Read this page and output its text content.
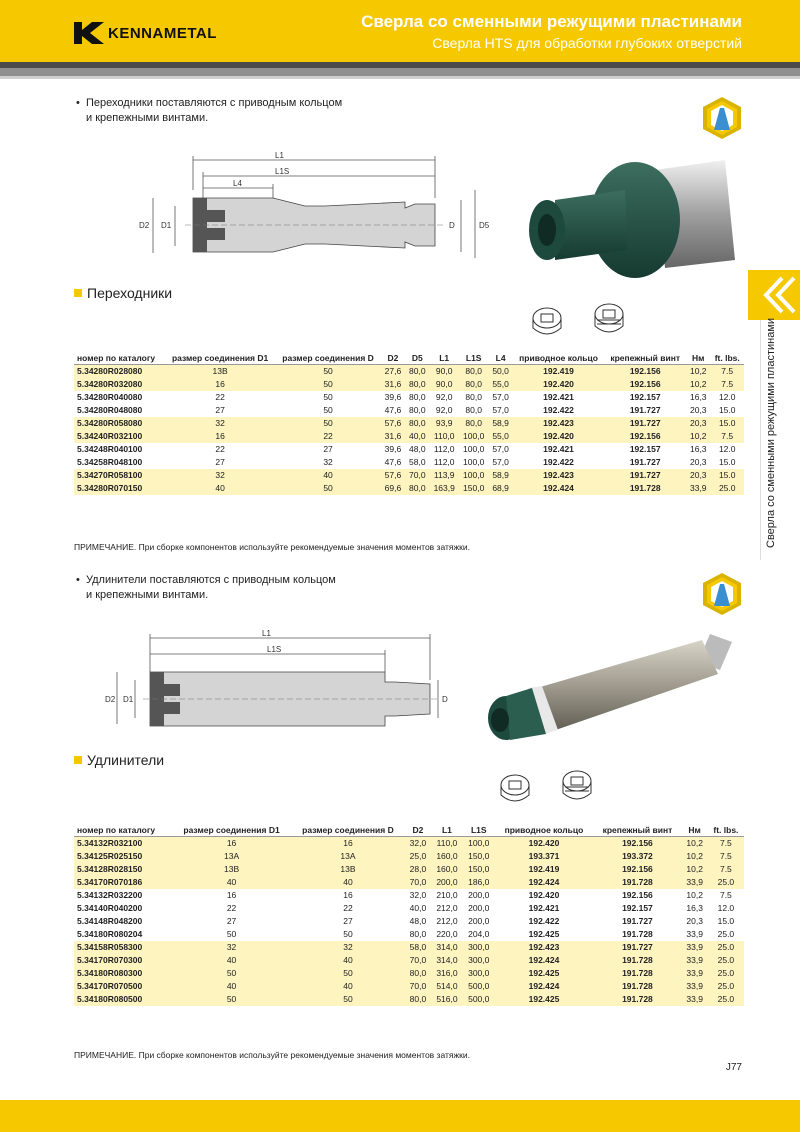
KENNAMETAL
Сверла со сменными режущими пластинами
Сверла HTS для обработки глубоких отверстий
Сверла со сменными режущими пластинами
• Переходники поставляются с приводным кольцом
и крепежными винтами.
L1
L1S
L4
D2 D1	D	D5
Переходники
номер по каталогу	размер соединения D1	размер соединения D	D2	D5	L1	L1S	L4	приводное кольцо	крепежный винт	Нм	ft. lbs.
5.34280R028080	13B	50	27,6	80,0	90,0	80,0	50,0	192.419	192.156	10,2	7.5
5.34280R032080	16	50	31,6	80,0	90,0	80,0	55,0	192.420	192.156	10,2	7.5
5.34280R040080	22	50	39,6	80,0	92,0	80,0	57,0	192.421	192.157	16,3	12.0
5.34280R048080	27	50	47,6	80,0	92,0	80,0	57,0	192.422	191.727	20,3	15.0
5.34280R058080	32	50	57,6	80,0	93,9	80,0	58,9	192.423	191.727	20,3	15.0
5.34240R032100	16	22	31,6	40,0	110,0	100,0	55,0	192.420	192.156	10,2	7.5
5.34248R040100	22	27	39,6	48,0	112,0	100,0	57,0	192.421	192.157	16,3	12.0
5.34258R048100	27	32	47,6	58,0	112,0	100,0	57,0	192.422	191.727	20,3	15.0
5.34270R058100	32	40	57,6	70,0	113,9	100,0	58,9	192.423	191.727	20,3	15.0
5.34280R070150	40	50	69,6	80,0	163,9	150,0	68,9	192.424	191.728	33,9	25.0
ПРИМЕЧАНИЕ. При сборке компонентов используйте рекомендуемые значения моментов затяжки.
• Удлинители поставляются с приводным кольцом
и крепежными винтами.
L1
L1S
D2 D1	D
Удлинители
номер по каталогу	размер соединения D1	размер соединения D	D2	L1	L1S	приводное кольцо	крепежный винт	Нм	ft. lbs.
5.34132R032100	16	16	32,0	110,0	100,0	192.420	192.156	10,2	7.5
5.34125R025150	13A	13A	25,0	160,0	150,0	193.371	193.372	10,2	7.5
5.34128R028150	13B	13B	28,0	160,0	150,0	192.419	192.156	10,2	7.5
5.34170R070186	40	40	70,0	200,0	186,0	192.424	191.728	33,9	25.0
5.34132R032200	16	16	32,0	210,0	200,0	192.420	192.156	10,2	7.5
5.34140R040200	22	22	40,0	212,0	200,0	192.421	192.157	16,3	12.0
5.34148R048200	27	27	48,0	212,0	200,0	192.422	191.727	20,3	15.0
5.34180R080204	50	50	80,0	220,0	204,0	192.425	191.728	33,9	25.0
5.34158R058300	32	32	58,0	314,0	300,0	192.423	191.727	33,9	25.0
5.34170R070300	40	40	70,0	314,0	300,0	192.424	191.728	33,9	25.0
5.34180R080300	50	50	80,0	316,0	300,0	192.425	191.728	33,9	25.0
5.34170R070500	40	40	70,0	514,0	500,0	192.424	191.728	33,9	25.0
5.34180R080500	50	50	80,0	516,0	500,0	192.425	191.728	33,9	25.0
ПРИМЕЧАНИЕ. При сборке компонентов используйте рекомендуемые значения моментов затяжки.
J77
